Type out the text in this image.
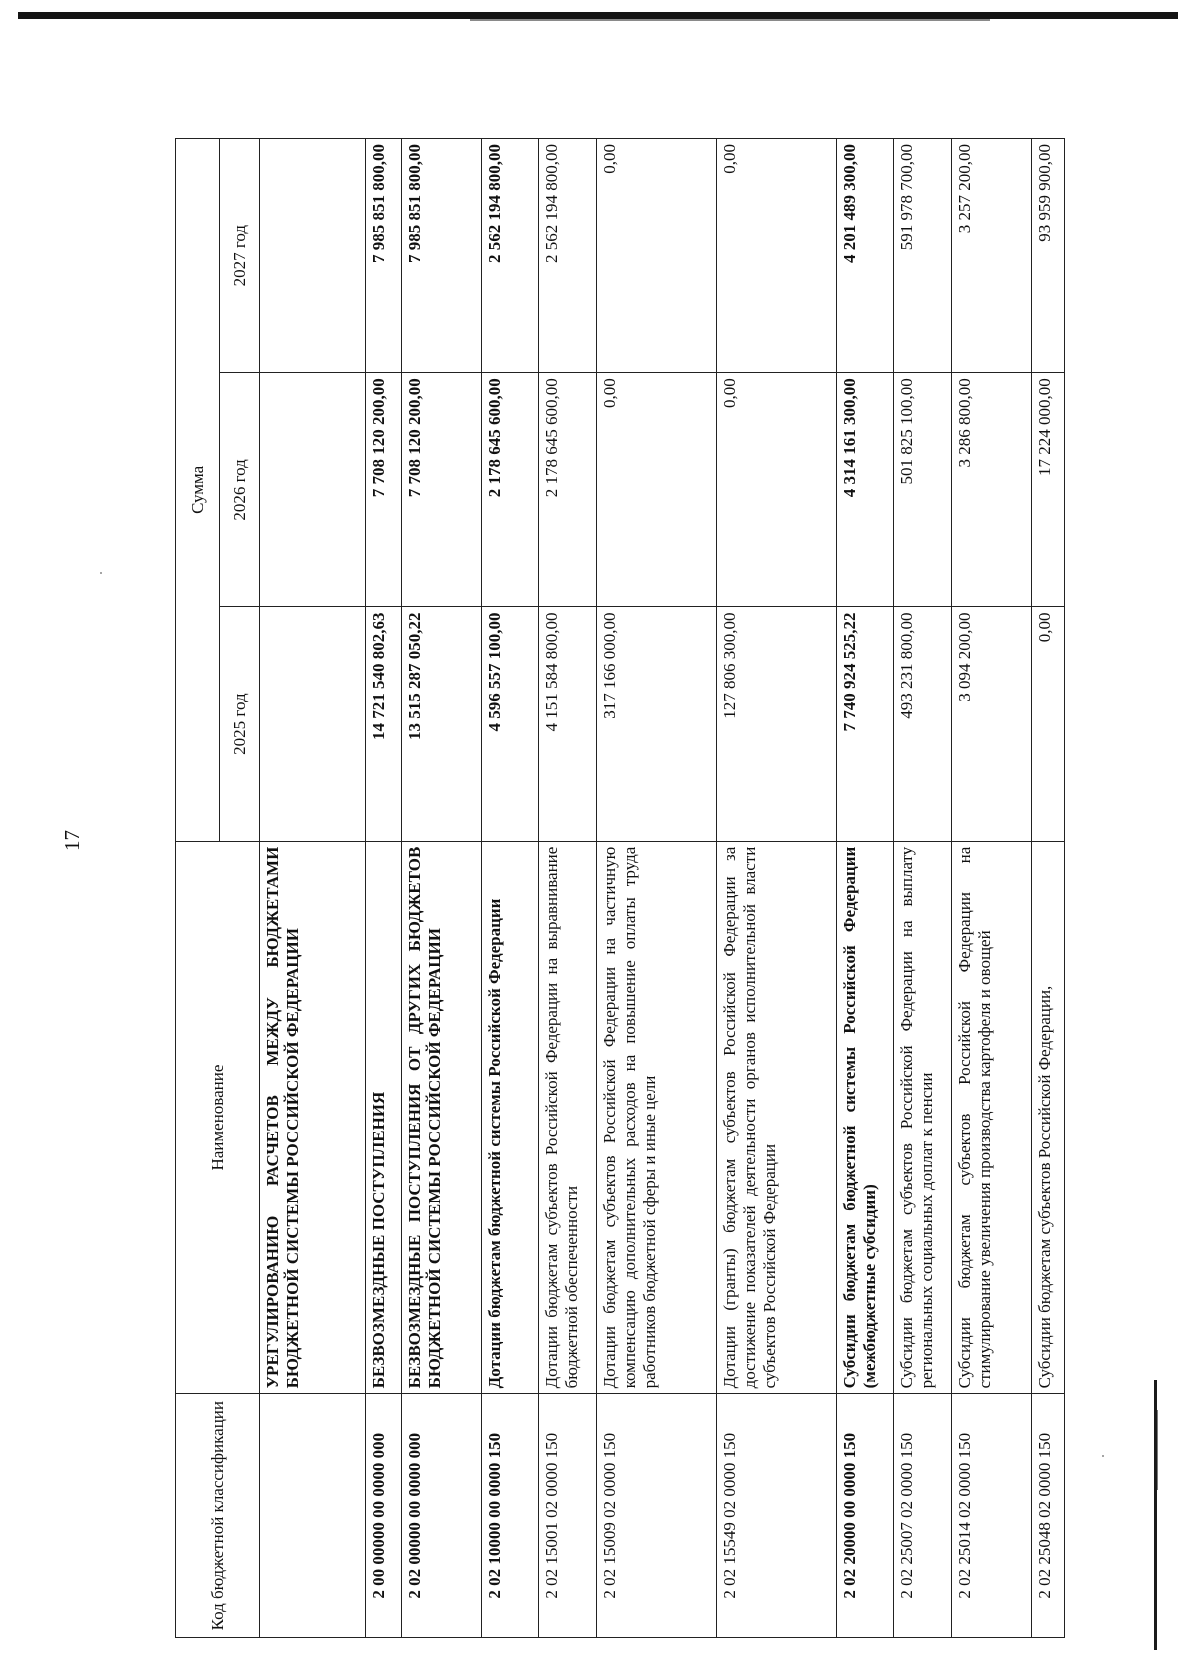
17
Код бюджетной классификации	Наименование	Сумма		
		2025 год	2026 год	2027 год
	УРЕГУЛИРОВАНИЮ РАСЧЕТОВ МЕЖДУ БЮДЖЕТАМИ БЮДЖЕТНОЙ СИСТЕМЫ РОССИЙСКОЙ ФЕДЕРАЦИИ			
2 00 00000 00 0000 000	БЕЗВОЗМЕЗДНЫЕ ПОСТУПЛЕНИЯ	14 721 540 802,63	7 708 120 200,00	7 985 851 800,00
2 02 00000 00 0000 000	БЕЗВОЗМЕЗДНЫЕ ПОСТУПЛЕНИЯ ОТ ДРУГИХ БЮДЖЕТОВ БЮДЖЕТНОЙ СИСТЕМЫ РОССИЙСКОЙ ФЕДЕРАЦИИ	13 515 287 050,22	7 708 120 200,00	7 985 851 800,00
2 02 10000 00 0000 150	Дотации бюджетам бюджетной системы Российской Федерации	4 596 557 100,00	2 178 645 600,00	2 562 194 800,00
2 02 15001 02 0000 150	Дотации бюджетам субъектов Российской Федерации на выравнивание бюджетной обеспеченности	4 151 584 800,00	2 178 645 600,00	2 562 194 800,00
2 02 15009 02 0000 150	Дотации бюджетам субъектов Российской Федерации на частичную компенсацию дополнительных расходов на повышение оплаты труда работников бюджетной сферы и иные цели	317 166 000,00	0,00	0,00
2 02 15549 02 0000 150	Дотации (гранты) бюджетам субъектов Российской Федерации за достижение показателей деятельности органов исполнительной власти субъектов Российской Федерации	127 806 300,00	0,00	0,00
2 02 20000 00 0000 150	Субсидии бюджетам бюджетной системы Российской Федерации (межбюджетные субсидии)	7 740 924 525,22	4 314 161 300,00	4 201 489 300,00
2 02 25007 02 0000 150	Субсидии бюджетам субъектов Российской Федерации на выплату региональных социальных доплат к пенсии	493 231 800,00	501 825 100,00	591 978 700,00
2 02 25014 02 0000 150	Субсидии бюджетам субъектов Российской Федерации на стимулирование увеличения производства картофеля и овощей	3 094 200,00	3 286 800,00	3 257 200,00
2 02 25048 02 0000 150	Субсидии бюджетам субъектов Российской Федерации,	0,00	17 224 000,00	93 959 900,00
